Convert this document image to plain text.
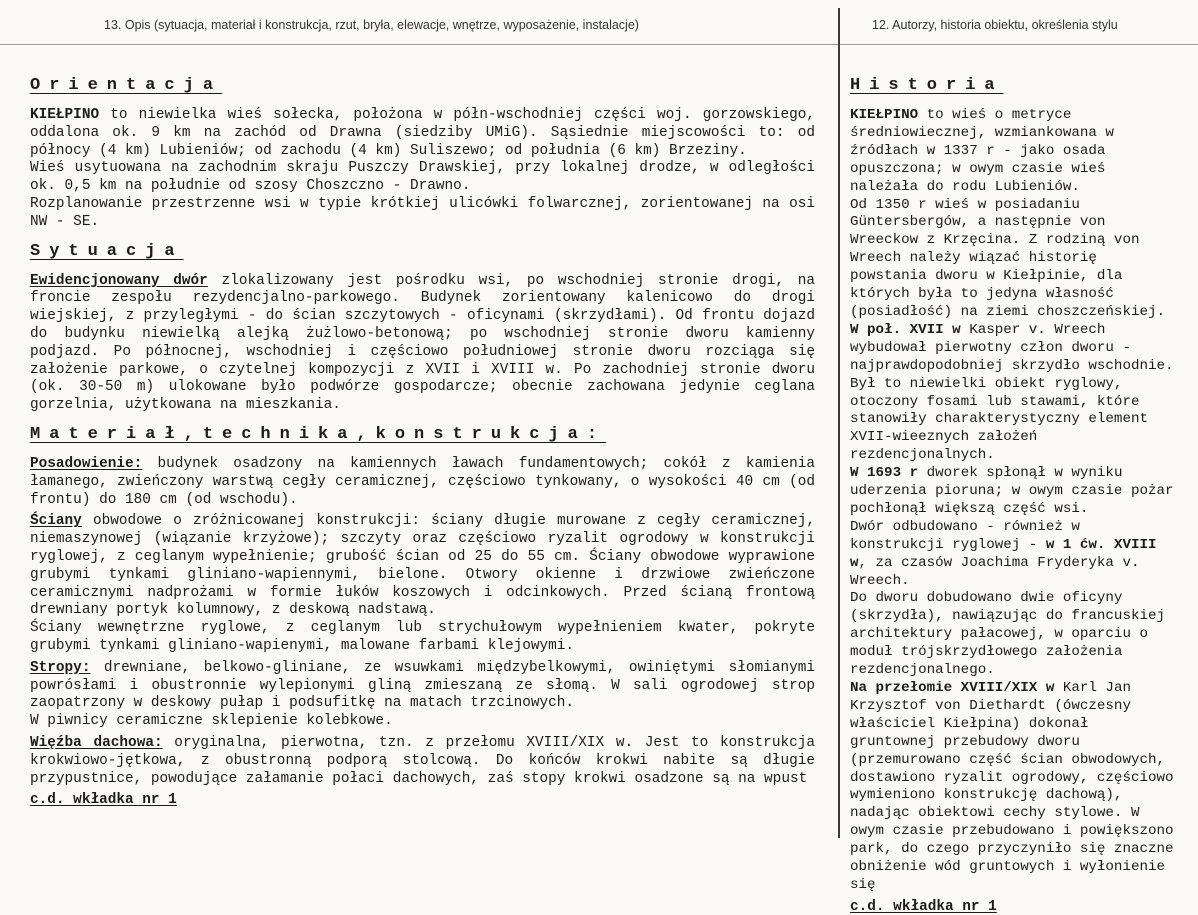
13. Opis (sytuacja, materiał i konstrukcja, rzut, bryła, elewacje, wnętrze, wyposażenie, instalacje)	12. Autorzy, historia obiektu, określenia stylu
Orientacja

KIEŁPINO to niewielka wieś sołecka, położona w półn-wschodniej części woj. gorzowskiego, oddalona ok. 9 km na zachód od Drawna (siedziby UMiG). Sąsiednie miejscowości to: od północy (4 km) Lubieniów; od zachodu (4 km) Suliszewo; od południa (6 km) Brzeziny.

Wieś usytuowana na zachodnim skraju Puszczy Drawskiej, przy lokalnej drodze, w odległości ok. 0,5 km na południe od szosy Choszczno - Drawno.

Rozplanowanie przestrzenne wsi w typie krótkiej ulicówki folwarcznej, zorientowanej na osi NW - SE.

Sytuacja

Ewidencjonowany dwór zlokalizowany jest pośrodku wsi, po wschodniej stronie drogi, na froncie zespołu rezydencjalno-parkowego. Budynek zorientowany kalenicowo do drogi wiejskiej, z przyległymi - do ścian szczytowych - oficynami (skrzydłami). Od frontu dojazd do budynku niewielką alejką żużlowo-betonową; po wschodniej stronie dworu kamienny podjazd. Po północnej, wschodniej i częściowo południowej stronie dworu rozciąga się założenie parkowe, o czytelnej kompozycji z XVII i XVIII w. Po zachodniej stronie dworu (ok. 30-50 m) ulokowane było podwórze gospodarcze; obecnie zachowana jedynie ceglana gorzelnia, użytkowana na mieszkania.

Materiał,technika,konstrukcja:

Posadowienie: budynek osadzony na kamiennych ławach fundamentowych; cokół z kamienia łamanego, zwieńczony warstwą cegły ceramicznej, częściowo tynkowany, o wysokości 40 cm (od frontu) do 180 cm (od wschodu).

Ściany obwodowe o zróżnicowanej konstrukcji: ściany długie murowane z cegły ceramicznej, niemaszynowej (wiązanie krzyżowe); szczyty oraz częściowo ryzalit ogrodowy w konstrukcji ryglowej, z ceglanym wypełnienie; grubość ścian od 25 do 55 cm. Ściany obwodowe wyprawione grubymi tynkami gliniano-wapiennymi, bielone. Otwory okienne i drzwiowe zwieńczone ceramicznymi nadprożami w formie łuków koszowych i odcinkowych. Przed ścianą frontową drewniany portyk kolumnowy, z deskową nadstawą.

Ściany wewnętrzne ryglowe, z ceglanym lub strychułowym wypełnieniem kwater, pokryte grubymi tynkami gliniano-wapienymi, malowane farbami klejowymi.

Stropy: drewniane, belkowo-gliniane, ze wsuwkami międzybelkowymi, owiniętymi słomianymi powrósłami i obustronnie wylepionymi gliną zmieszaną ze słomą. W sali ogrodowej strop zaopatrzony w deskowy pułap i podsufitkę na matach trzcinowych.

W piwnicy ceramiczne sklepienie kolebkowe.

Więźba dachowa: oryginalna, pierwotna, tzn. z przełomu XVIII/XIX w. Jest to konstrukcja krokwiowo-jętkowa, z obustronną podporą stolcową. Do końców krokwi nabite są długie przypustnice, powodujące załamanie połaci dachowych, zaś stopy krokwi osadzone są na wpust

c.d. wkładka nr 1
Historia

KIEŁPINO to wieś o metryce średniowiecznej, wzmiankowana w źródłach w 1337 r - jako osada opuszczona; w owym czasie wieś należała do rodu Lubieniów.

Od 1350 r wieś w posiadaniu Güntersbergów, a następnie von Wreeckow z Krzęcina. Z rodziną von Wreech należy wiązać historię powstania dworu w Kiełpinie, dla których była to jedyna własność (posiadłość) na ziemi choszczeńskiej.

W poł. XVII w Kasper v. Wreech wybudował pierwotny człon dworu - najprawdopodobniej skrzydło wschodnie. Był to niewielki obiekt ryglowy, otoczony fosami lub stawami, które stanowiły charakterystyczny element XVII-wieeznych założeń rezdencjonalnych.

W 1693 r dworek spłonął w wyniku uderzenia pioruna; w owym czasie pożar pochłonął większą część wsi.

Dwór odbudowano - również w konstrukcji ryglowej - w 1 ćw. XVIII w, za czasów Joachima Fryderyka v. Wreech.

Do dworu dobudowano dwie oficyny (skrzydła), nawiązując do francuskiej architektury pałacowej, w oparciu o moduł trójskrzydłowego założenia rezdencjonalnego.

Na przełomie XVIII/XIX w Karl Jan Krzysztof von Diethardt (ówczesny właściciel Kiełpina) dokonał gruntownej przebudowy dworu (przemurowano część ścian obwodowych, dostawiono ryzalit ogrodowy, częściowo wymieniono konstrukcję dachową), nadając obiektowi cechy stylowe. W owym czasie przebudowano i powiększono park, do czego przyczyniło się znaczne obniżenie wód gruntowych i wyłonienie się

c.d. wkładka nr 1
